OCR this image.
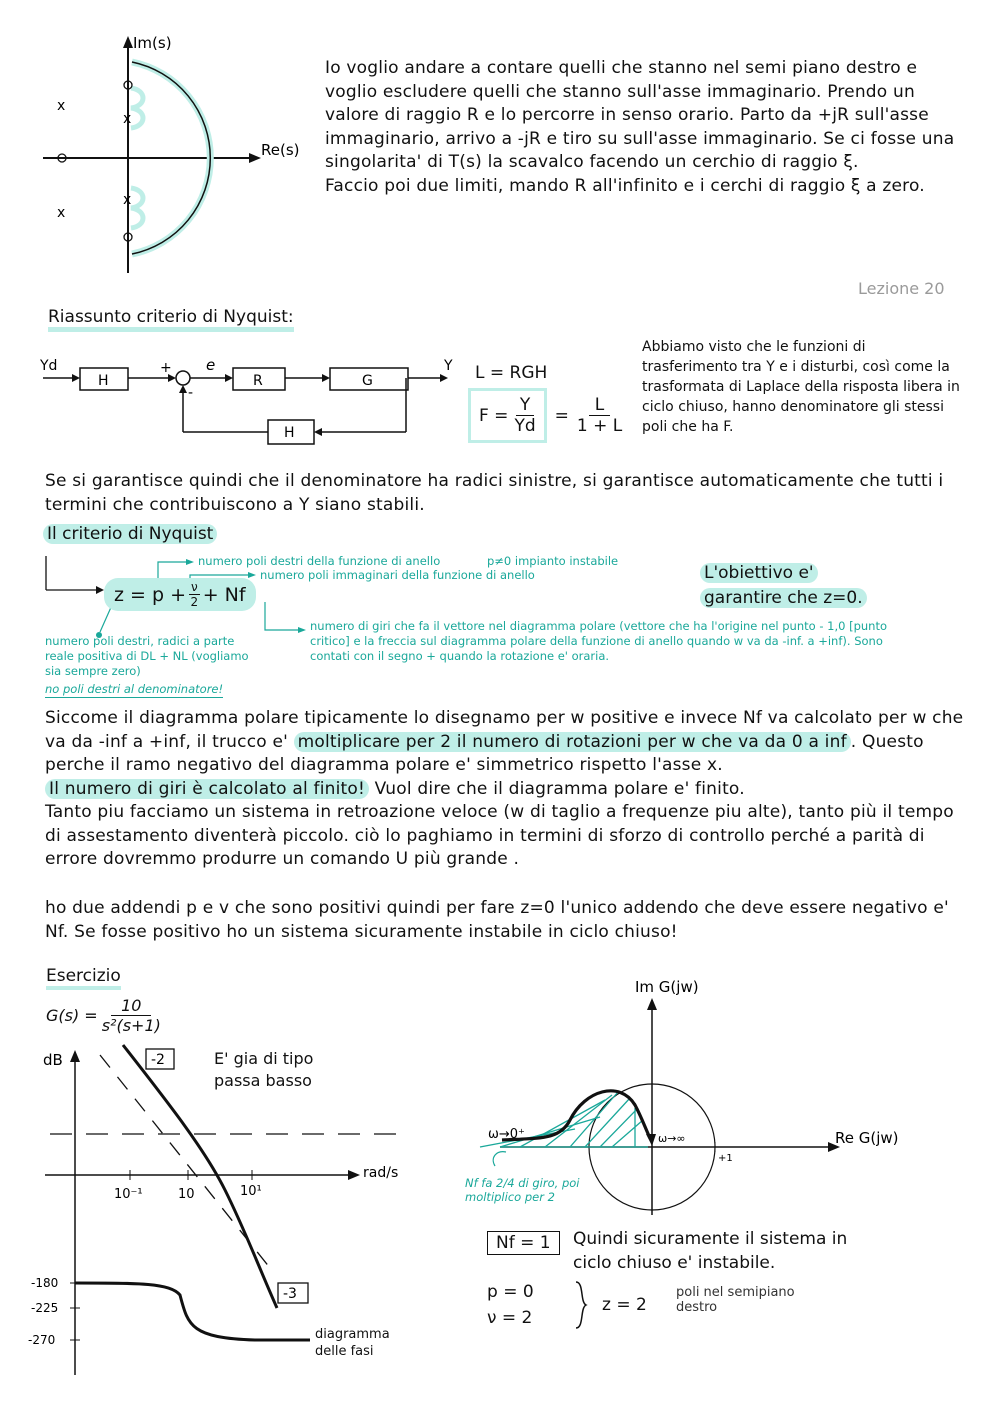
x
x
x
x
Im(s)
Re(s)
Io voglio andare a contare quelli che stanno nel semi piano destro e voglio escludere quelli che stanno sull'asse immaginario. Prendo un valore di raggio R e lo percorre in senso orario. Parto da +jR sull'asse immaginario, arrivo a -jR e tiro su sull'asse immaginario. Se ci fosse una singolarita' di T(s) la scavalco facendo un cerchio di raggio ξ.
Faccio poi due limiti, mando R all'infinito e i cerchi di raggio ξ a zero.
Lezione 20
Riassunto criterio di Nyquist:
Yd
H
+ e
-
R	G
Y
H
L = RGH
$F = \frac{Y}{Yd} = \frac{L}{1 + L}$
Abbiamo visto che le funzioni di trasferimento tra Y e i disturbi, così come la trasformata di Laplace della risposta libera in ciclo chiuso, hanno denominatore gli stessi poli che ha F.
Se si garantisce quindi che il denominatore ha radici sinistre, si garantisce automaticamente che tutti i termini che contribuiscono a Y siano stabili.
Il criterio di Nyquist
$z = p + \frac{\nu}{2} + Nf$
numero poli destri della funzione di anello	p≠0 impianto instabile
numero poli immaginari della funzione di anello
numero di giri che fa il vettore nel diagramma polare (vettore che ha l'origine nel punto - 1,0 [punto critico] e la freccia sul diagramma polare della funzione di anello quando w va da -inf. a +inf). Sono contati con il segno + quando la rotazione e' oraria.
numero poli destri, radici a parte reale positiva di DL + NL (vogliamo sia sempre zero)
no poli destri al denominatore!
L'obiettivo e'
garantire che z=0.
Siccome il diagramma polare tipicamente lo disegnamo per w positive e invece Nf va calcolato per w che va da -inf a +inf, il trucco e' moltiplicare per 2 il numero di rotazioni per w che va da 0 a inf . Questo perche il ramo negativo del diagramma polare e' simmetrico rispetto l'asse x.
Il numero di giri è calcolato al finito! Vuol dire che il diagramma polare e' finito.
Tanto piu facciamo un sistema in retroazione veloce (w di taglio a frequenze piu alte), tanto più il tempo di assestamento diventerà piccolo. ciò lo paghiamo in termini di sforzo di controllo perché a parità di errore dovremmo produrre un comando U più grande .
ho due addendi p e v che sono positivi quindi per fare z=0 l'unico addendo che deve essere negativo e' Nf. Se fosse positivo ho un sistema sicuramente instabile in ciclo chiuso!
Esercizio
$G(s) = \frac{10}{\text{s²(s+1)}}$
dB
rad/s
10⁻¹	10	10¹
-2
-3
-180
-225
-270
E' gia di tipo passa basso
diagramma delle fasi
Im G(jw)
Re G(jw)
ω→0⁺	ω→∞
+1
Nf fa 2/4 di giro, poi moltiplico per 2
Nf = 1	Quindi sicuramente il sistema in ciclo chiuso e' instabile.
p = 0
ν = 2
z = 2
poli nel semipiano destro
